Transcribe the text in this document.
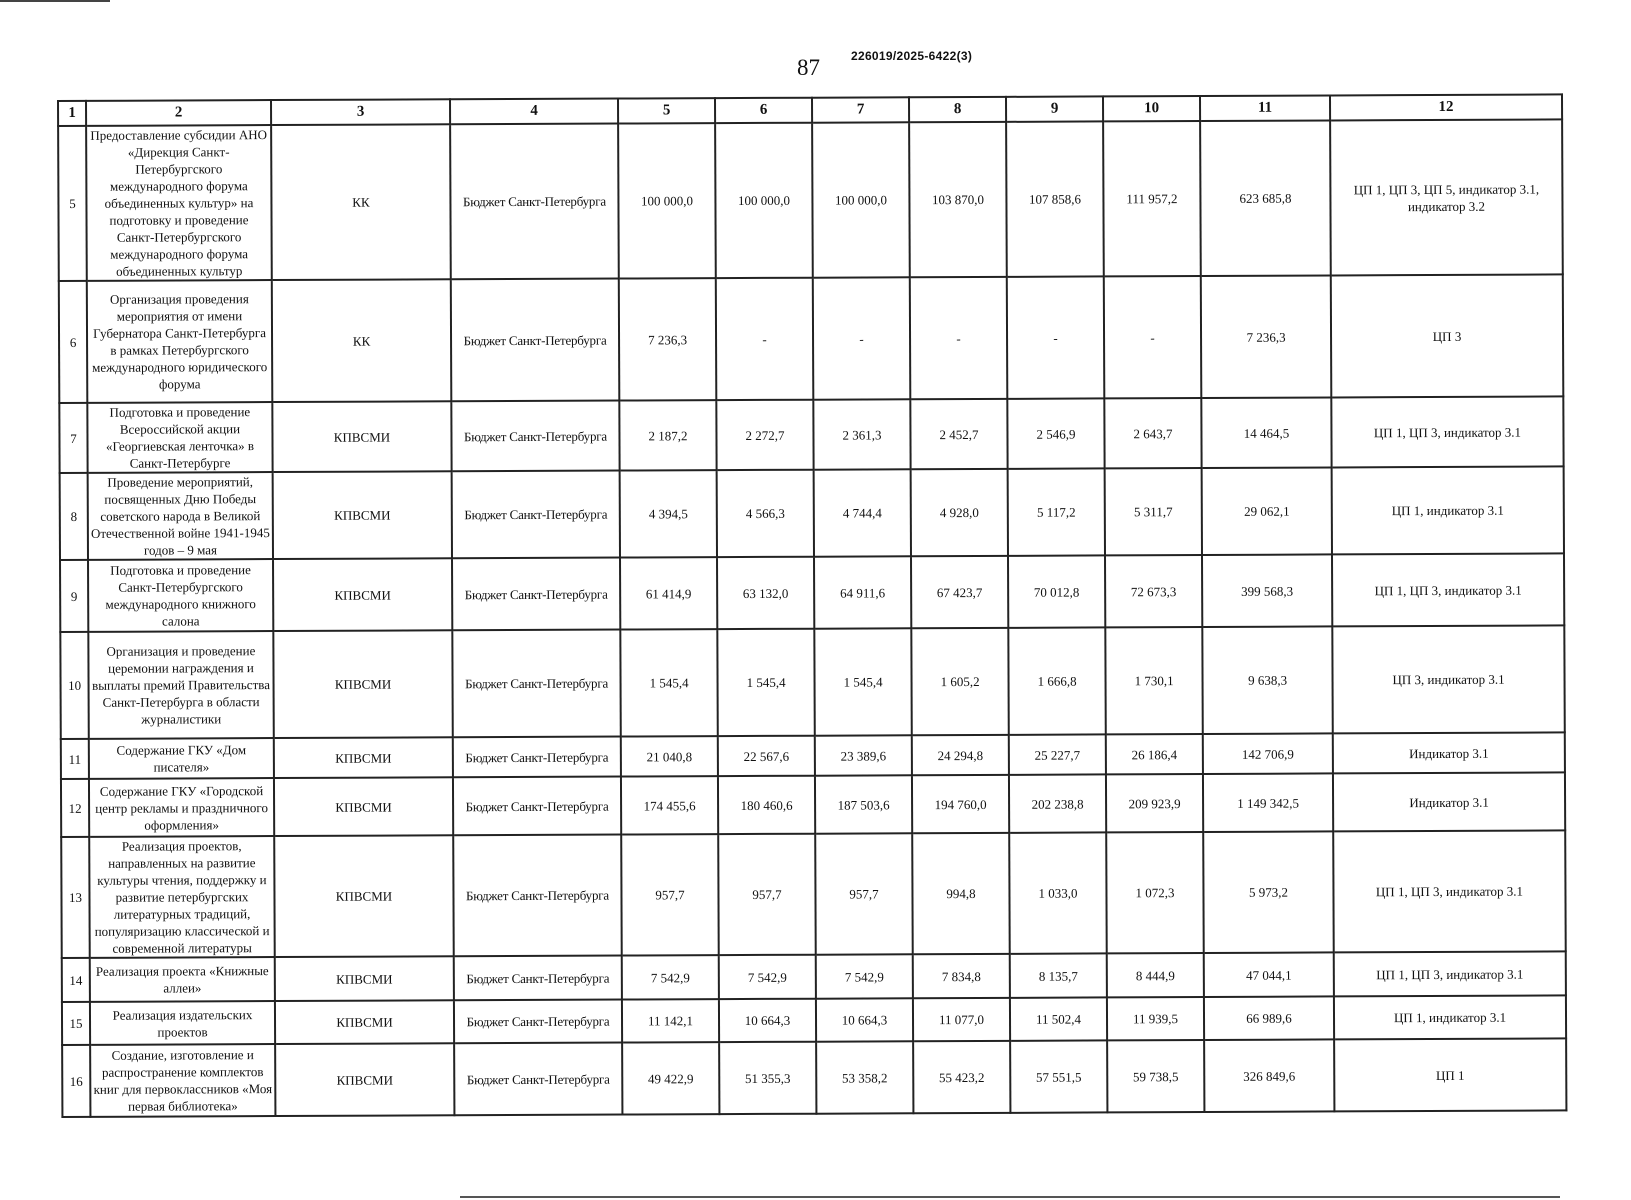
87	226019/2025-6422(3)
1	2	3	4	5	6	7	8	9	10	11	12
5	Предоставление субсидии АНО «Дирекция Санкт-Петербургского международного форума объединенных культур» на подготовку и проведение Санкт-Петербургского международного форума объединенных культур	КК	Бюджет Санкт-Петербурга	100 000,0	100 000,0	100 000,0	103 870,0	107 858,6	111 957,2	623 685,8	ЦП 1, ЦП 3, ЦП 5, индикатор 3.1, индикатор 3.2
6	Организация проведения мероприятия от имени Губернатора Санкт-Петербурга в рамках Петербургского международного юридического форума	КК	Бюджет Санкт-Петербурга	7 236,3	-	-	-	-	-	7 236,3	ЦП 3
7	Подготовка и проведение Всероссийской акции «Георгиевская ленточка» в Санкт-Петербурге	КПВСМИ	Бюджет Санкт-Петербурга	2 187,2	2 272,7	2 361,3	2 452,7	2 546,9	2 643,7	14 464,5	ЦП 1, ЦП 3, индикатор 3.1
8	Проведение мероприятий, посвященных Дню Победы советского народа в Великой Отечественной войне 1941-1945 годов – 9 мая	КПВСМИ	Бюджет Санкт-Петербурга	4 394,5	4 566,3	4 744,4	4 928,0	5 117,2	5 311,7	29 062,1	ЦП 1, индикатор 3.1
9	Подготовка и проведение Санкт-Петербургского международного книжного салона	КПВСМИ	Бюджет Санкт-Петербурга	61 414,9	63 132,0	64 911,6	67 423,7	70 012,8	72 673,3	399 568,3	ЦП 1, ЦП 3, индикатор 3.1
10	Организация и проведение церемонии награждения и выплаты премий Правительства Санкт-Петербурга в области журналистики	КПВСМИ	Бюджет Санкт-Петербурга	1 545,4	1 545,4	1 545,4	1 605,2	1 666,8	1 730,1	9 638,3	ЦП 3, индикатор 3.1
11	Содержание ГКУ «Дом писателя»	КПВСМИ	Бюджет Санкт-Петербурга	21 040,8	22 567,6	23 389,6	24 294,8	25 227,7	26 186,4	142 706,9	Индикатор 3.1
12	Содержание ГКУ «Городской центр рекламы и праздничного оформления»	КПВСМИ	Бюджет Санкт-Петербурга	174 455,6	180 460,6	187 503,6	194 760,0	202 238,8	209 923,9	1 149 342,5	Индикатор 3.1
13	Реализация проектов, направленных на развитие культуры чтения, поддержку и развитие петербургских литературных традиций, популяризацию классической и современной литературы	КПВСМИ	Бюджет Санкт-Петербурга	957,7	957,7	957,7	994,8	1 033,0	1 072,3	5 973,2	ЦП 1, ЦП 3, индикатор 3.1
14	Реализация проекта «Книжные аллеи»	КПВСМИ	Бюджет Санкт-Петербурга	7 542,9	7 542,9	7 542,9	7 834,8	8 135,7	8 444,9	47 044,1	ЦП 1, ЦП 3, индикатор 3.1
15	Реализация издательских проектов	КПВСМИ	Бюджет Санкт-Петербурга	11 142,1	10 664,3	10 664,3	11 077,0	11 502,4	11 939,5	66 989,6	ЦП 1, индикатор 3.1
16	Создание, изготовление и распространение комплектов книг для первоклассников «Моя первая библиотека»	КПВСМИ	Бюджет Санкт-Петербурга	49 422,9	51 355,3	53 358,2	55 423,2	57 551,5	59 738,5	326 849,6	ЦП 1
